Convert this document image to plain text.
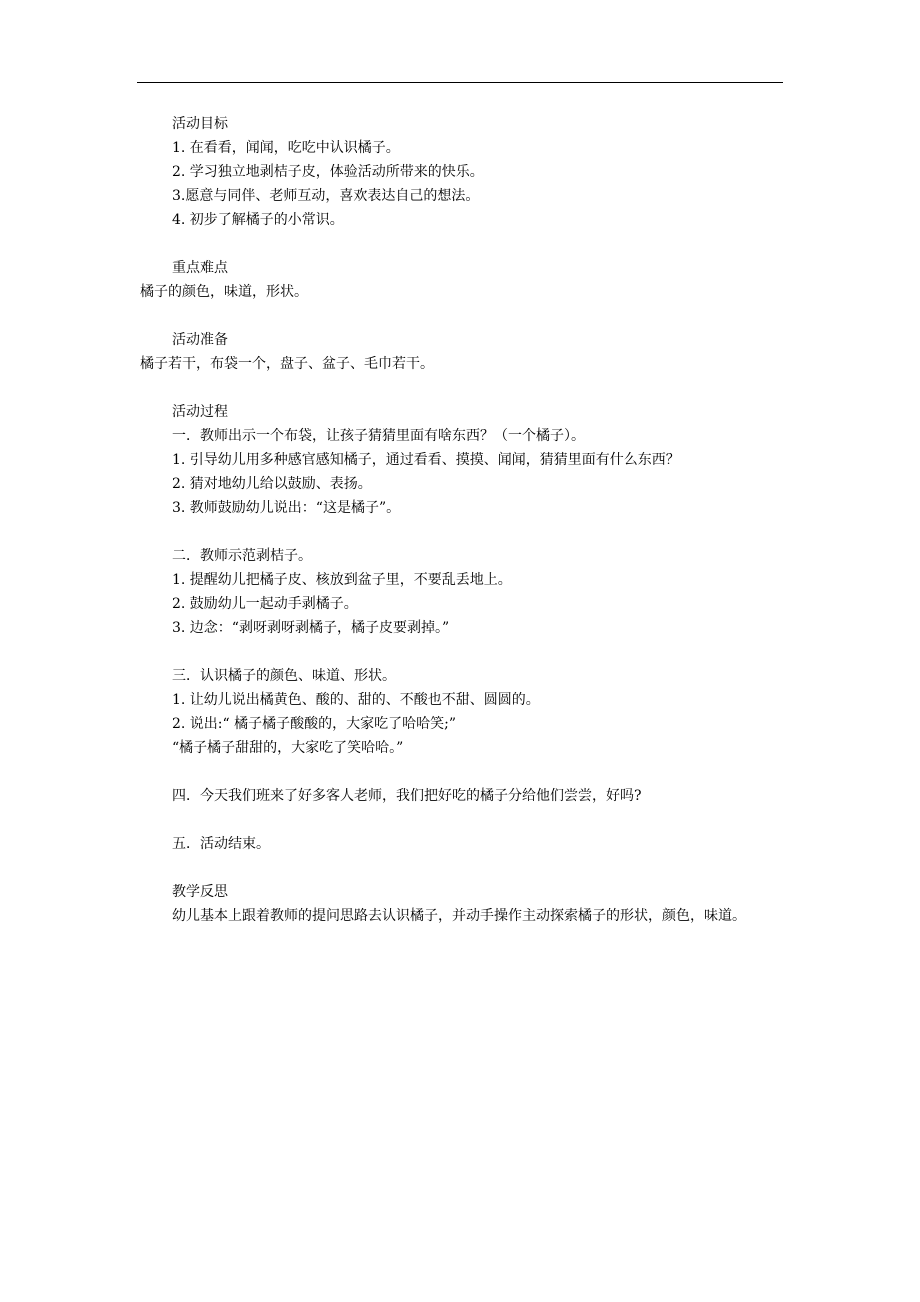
活动目标
1. 在看看，闻闻，吃吃中认识橘子。
2. 学习独立地剥桔子皮，体验活动所带来的快乐。
3.愿意与同伴、老师互动，喜欢表达自己的想法。
4. 初步了解橘子的小常识。
重点难点
橘子的颜色，味道，形状。
活动准备
橘子若干，布袋一个，盘子、盆子、毛巾若干。
活动过程
一．教师出示一个布袋，让孩子猜猜里面有啥东西？（一个橘子）。
1. 引导幼儿用多种感官感知橘子，通过看看、摸摸、闻闻，猜猜里面有什么东西？
2. 猜对地幼儿给以鼓励、表扬。
3. 教师鼓励幼儿说出：“这是橘子”。
二．教师示范剥桔子。
1. 提醒幼儿把橘子皮、核放到盆子里，不要乱丢地上。
2. 鼓励幼儿一起动手剥橘子。
3. 边念：“剥呀剥呀剥橘子，橘子皮要剥掉。”
三．认识橘子的颜色、味道、形状。
1. 让幼儿说出橘黄色、酸的、甜的、不酸也不甜、圆圆的。
2. 说出:“ 橘子橘子酸酸的，大家吃了哈哈笑;”
“橘子橘子甜甜的，大家吃了笑哈哈。”
四．今天我们班来了好多客人老师，我们把好吃的橘子分给他们尝尝，好吗?
五．活动结束。
教学反思

幼儿基本上跟着教师的提问思路去认识橘子，并动手操作主动探索橘子的形状，颜色，味道。
